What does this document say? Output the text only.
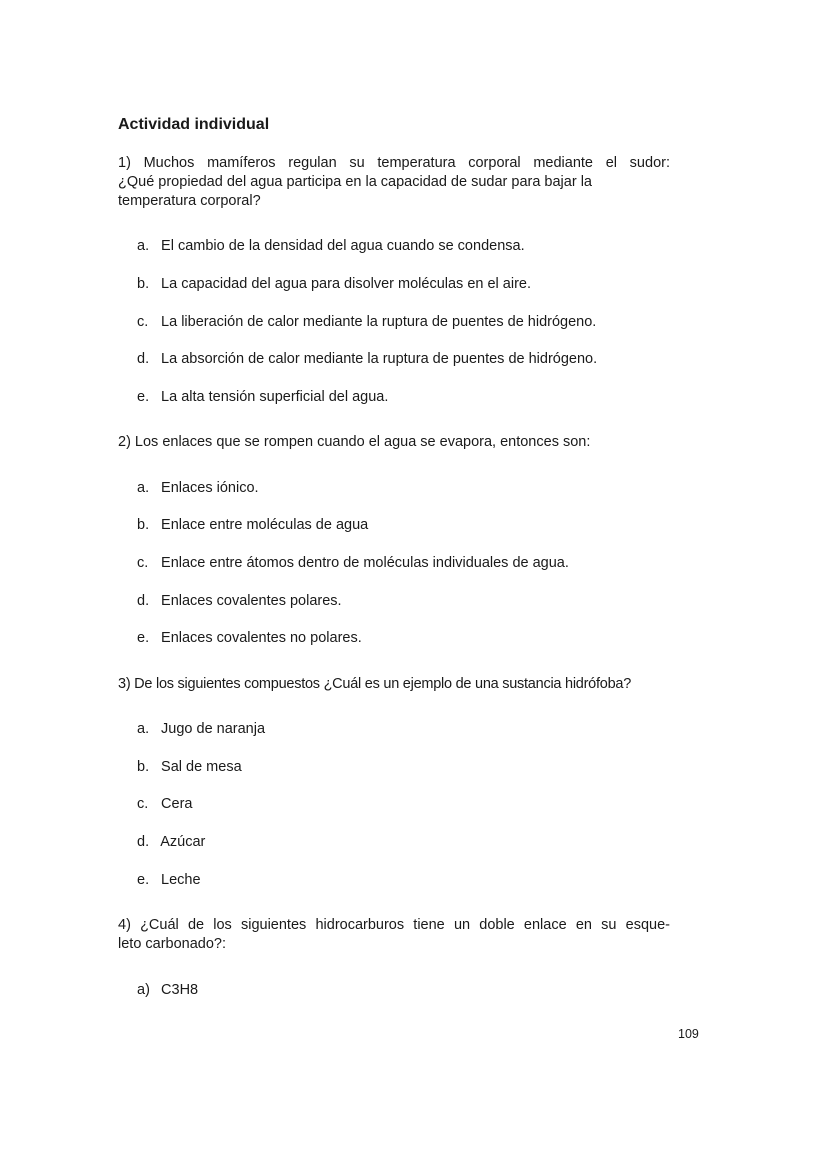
Actividad individual
1) Muchos mamíferos regulan su temperatura corporal mediante el sudor:
¿Qué propiedad del agua participa en la capacidad de sudar para bajar la
temperatura corporal?
a. El cambio de la densidad del agua cuando se condensa.
b. La capacidad del agua para disolver moléculas en el aire.
c. La liberación de calor mediante la ruptura de puentes de hidrógeno.
d. La absorción de calor mediante la ruptura de puentes de hidrógeno.
e. La alta tensión superficial del agua.
2) Los enlaces que se rompen cuando el agua se evapora, entonces son:
a. Enlaces iónico.
b. Enlace entre moléculas de agua
c. Enlace entre átomos dentro de moléculas individuales de agua.
d. Enlaces covalentes polares.
e. Enlaces covalentes no polares.
3) De los siguientes compuestos ¿Cuál es un ejemplo de una sustancia hidrófoba?
a. Jugo de naranja
b. Sal de mesa
c. Cera
d. Azúcar
e. Leche
4) ¿Cuál de los siguientes hidrocarburos tiene un doble enlace en su esque-
leto carbonado?:
a) C3H8
109
